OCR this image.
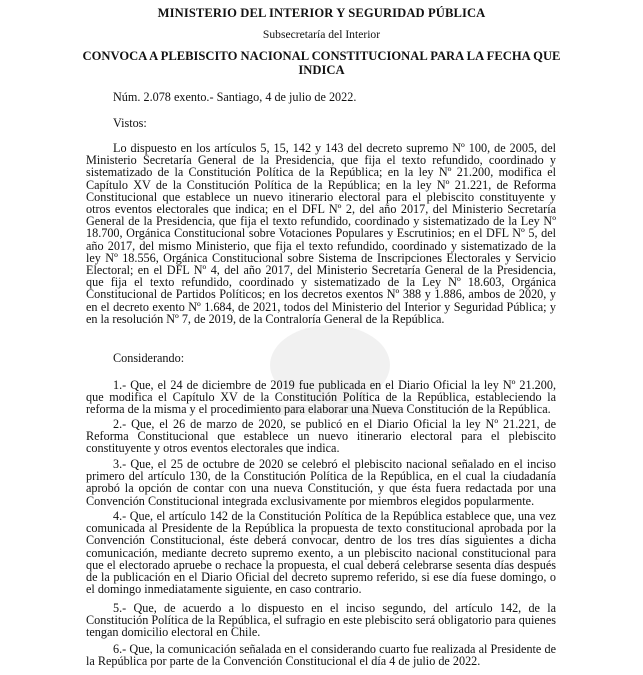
MINISTERIO DEL INTERIOR Y SEGURIDAD PÚBLICA
Subsecretaría del Interior
CONVOCA A PLEBISCITO NACIONAL CONSTITUCIONAL PARA LA FECHA QUE INDICA
Núm. 2.078 exento.- Santiago, 4 de julio de 2022.
Vistos:

Lo dispuesto en los artículos 5, 15, 142 y 143 del decreto supremo Nº 100, de 2005, del Ministerio Secretaría General de la Presidencia, que fija el texto refundido, coordinado y sistematizado de la Constitución Política de la República; en la ley Nº 21.200, modifica el Capítulo XV de la Constitución Política de la República; en la ley Nº 21.221, de Reforma Constitucional que establece un nuevo itinerario electoral para el plebiscito constituyente y otros eventos electorales que indica; en el DFL Nº 2, del año 2017, del Ministerio Secretaría General de la Presidencia, que fija el texto refundido, coordinado y sistematizado de la Ley Nº 18.700, Orgánica Constitucional sobre Votaciones Populares y Escrutinios; en el DFL Nº 5, del año 2017, del mismo Ministerio, que fija el texto refundido, coordinado y sistematizado de la ley Nº 18.556, Orgánica Constitucional sobre Sistema de Inscripciones Electorales y Servicio Electoral; en el DFL Nº 4, del año 2017, del Ministerio Secretaría General de la Presidencia, que fija el texto refundido, coordinado y sistematizado de la Ley Nº 18.603, Orgánica Constitucional de Partidos Políticos; en los decretos exentos Nº 388 y 1.886, ambos de 2020, y en el decreto exento Nº 1.684, de 2021, todos del Ministerio del Interior y Seguridad Pública; y en la resolución Nº 7, de 2019, de la Contraloría General de la República.

Considerando:

1.- Que, el 24 de diciembre de 2019 fue publicada en el Diario Oficial la ley Nº 21.200, que modifica el Capítulo XV de la Constitución Política de la República, estableciendo la reforma de la misma y el procedimiento para elaborar una Nueva Constitución de la República.

2.- Que, el 26 de marzo de 2020, se publicó en el Diario Oficial la ley Nº 21.221, de Reforma Constitucional que establece un nuevo itinerario electoral para el plebiscito constituyente y otros eventos electorales que indica.

3.- Que, el 25 de octubre de 2020 se celebró el plebiscito nacional señalado en el inciso primero del artículo 130, de la Constitución Política de la República, en el cual la ciudadanía aprobó la opción de contar con una nueva Constitución, y que ésta fuera redactada por una Convención Constitucional integrada exclusivamente por miembros elegidos popularmente.

4.- Que, el artículo 142 de la Constitución Política de la República establece que, una vez comunicada al Presidente de la República la propuesta de texto constitucional aprobada por la Convención Constitucional, éste deberá convocar, dentro de los tres días siguientes a dicha comunicación, mediante decreto supremo exento, a un plebiscito nacional constitucional para que el electorado apruebe o rechace la propuesta, el cual deberá celebrarse sesenta días después de la publicación en el Diario Oficial del decreto supremo referido, si ese día fuese domingo, o el domingo inmediatamente siguiente, en caso contrario.

5.- Que, de acuerdo a lo dispuesto en el inciso segundo, del artículo 142, de la Constitución Política de la República, el sufragio en este plebiscito será obligatorio para quienes tengan domicilio electoral en Chile.

6.- Que, la comunicación señalada en el considerando cuarto fue realizada al Presidente de la República por parte de la Convención Constitucional el día 4 de julio de 2022.
